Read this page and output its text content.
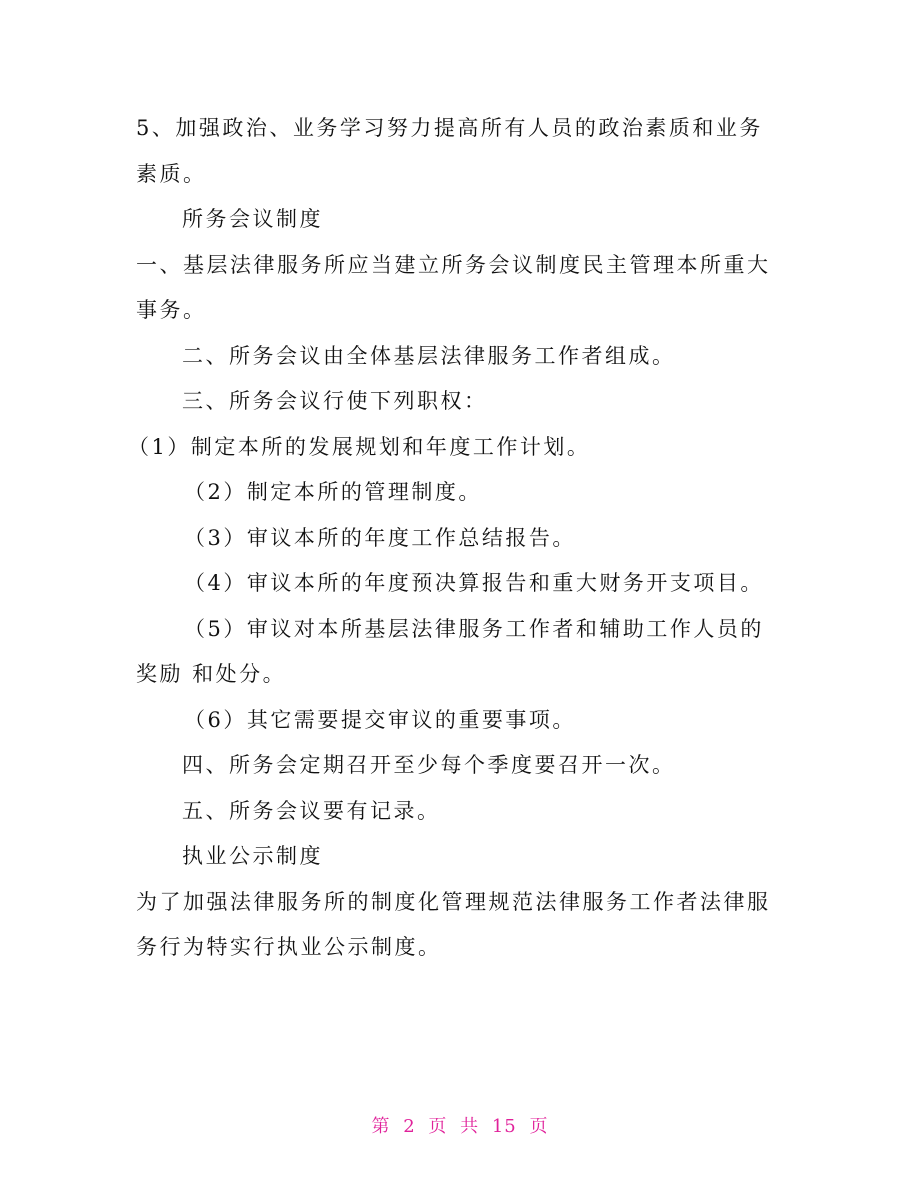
5、加强政治、业务学习努力提高所有人员的政治素质和业务素质。

所务会议制度

一、基层法律服务所应当建立所务会议制度民主管理本所重大事务。

二、所务会议由全体基层法律服务工作者组成。

三、所务会议行使下列职权：

（1）制定本所的发展规划和年度工作计划。

（2）制定本所的管理制度。

（3）审议本所的年度工作总结报告。

（4）审议本所的年度预决算报告和重大财务开支项目。

（5）审议对本所基层法律服务工作者和辅助工作人员的奖励 和处分。

（6）其它需要提交审议的重要事项。

四、所务会定期召开至少每个季度要召开一次。

五、所务会议要有记录。

执业公示制度

为了加强法律服务所的制度化管理规范法律服务工作者法律服务行为特实行执业公示制度。

第 2 页 共 15 页
